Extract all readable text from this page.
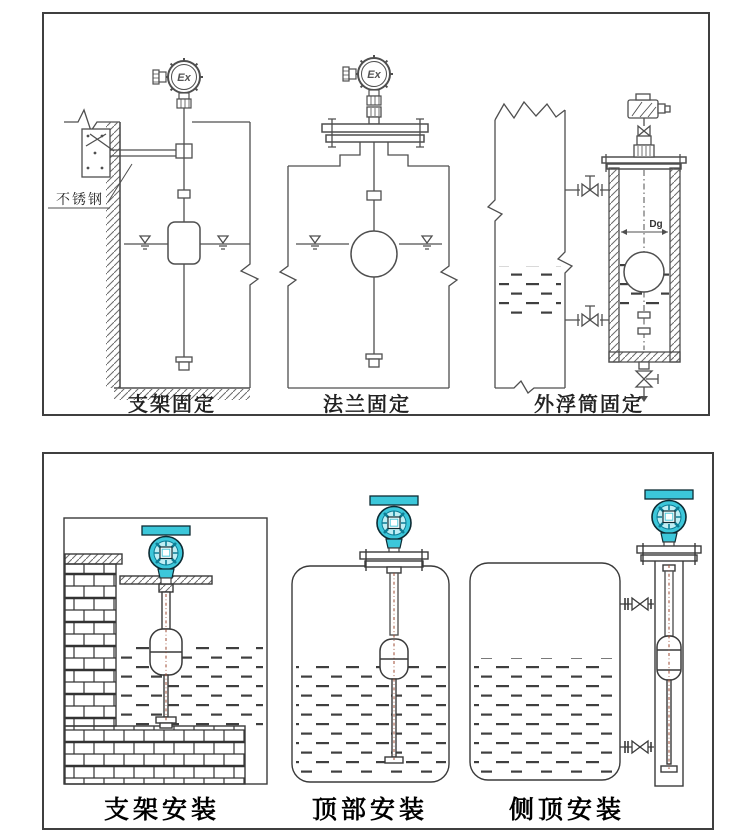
Ex
不锈钢
Ex
Dg
支架固定	法兰固定	外浮筒固定
支架安装	顶部安装	侧顶安装
